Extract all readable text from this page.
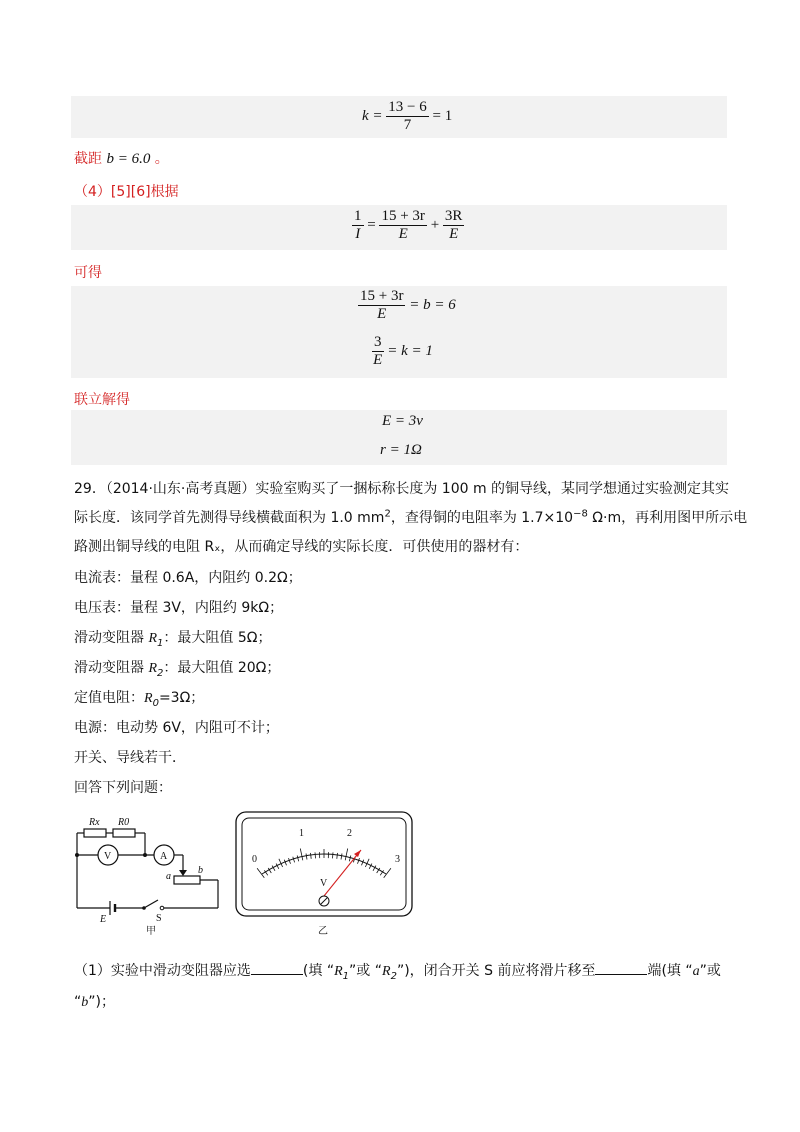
$k = \frac{13 - 6}{7} = 1$
截距 b = 6.0 。
（4）[5][6]根据
$\frac{1}{I} = \frac{15 + 3r}{E} + \frac{3R}{E}$
可得
$\frac{15 + 3r}{E} = b = 6$
$\frac{3}{E} = k = 1$
联立解得
E = 3v
r = 1Ω
29．（2014·山东·高考真题）实验室购买了一捆标称长度为 100 m 的铜导线，某同学想通过实验测定其实
际长度．该同学首先测得导线横截面积为 1.0 $mm^2$，查得铜的电阻率为 $1.7\times 10^{-8}$ Ω·m，再利用图甲所示电
路测出铜导线的电阻 Rₓ，从而确定导线的实际长度．可供使用的器材有：
电流表：量程 0.6A，内阻约 0.2Ω；
电压表：量程 3V，内阻约 9kΩ；
滑动变阻器 $R_1$：最大阻值 5Ω；
滑动变阻器 $R_2$：最大阻值 20Ω；
定值电阻：$R_0=3\Omega$；
电源：电动势 6V，内阻可不计；
开关、导线若干．
回答下列问题：
Rx R0
V	A
a
b
E	S
甲
0
1	2
3
V
乙
（1）实验中滑动变阻器应选	(填 “$R_1$”或 “$R_2$”)，闭合开关 S 前应将滑片移至	端(填 “a”或
“b”)；
